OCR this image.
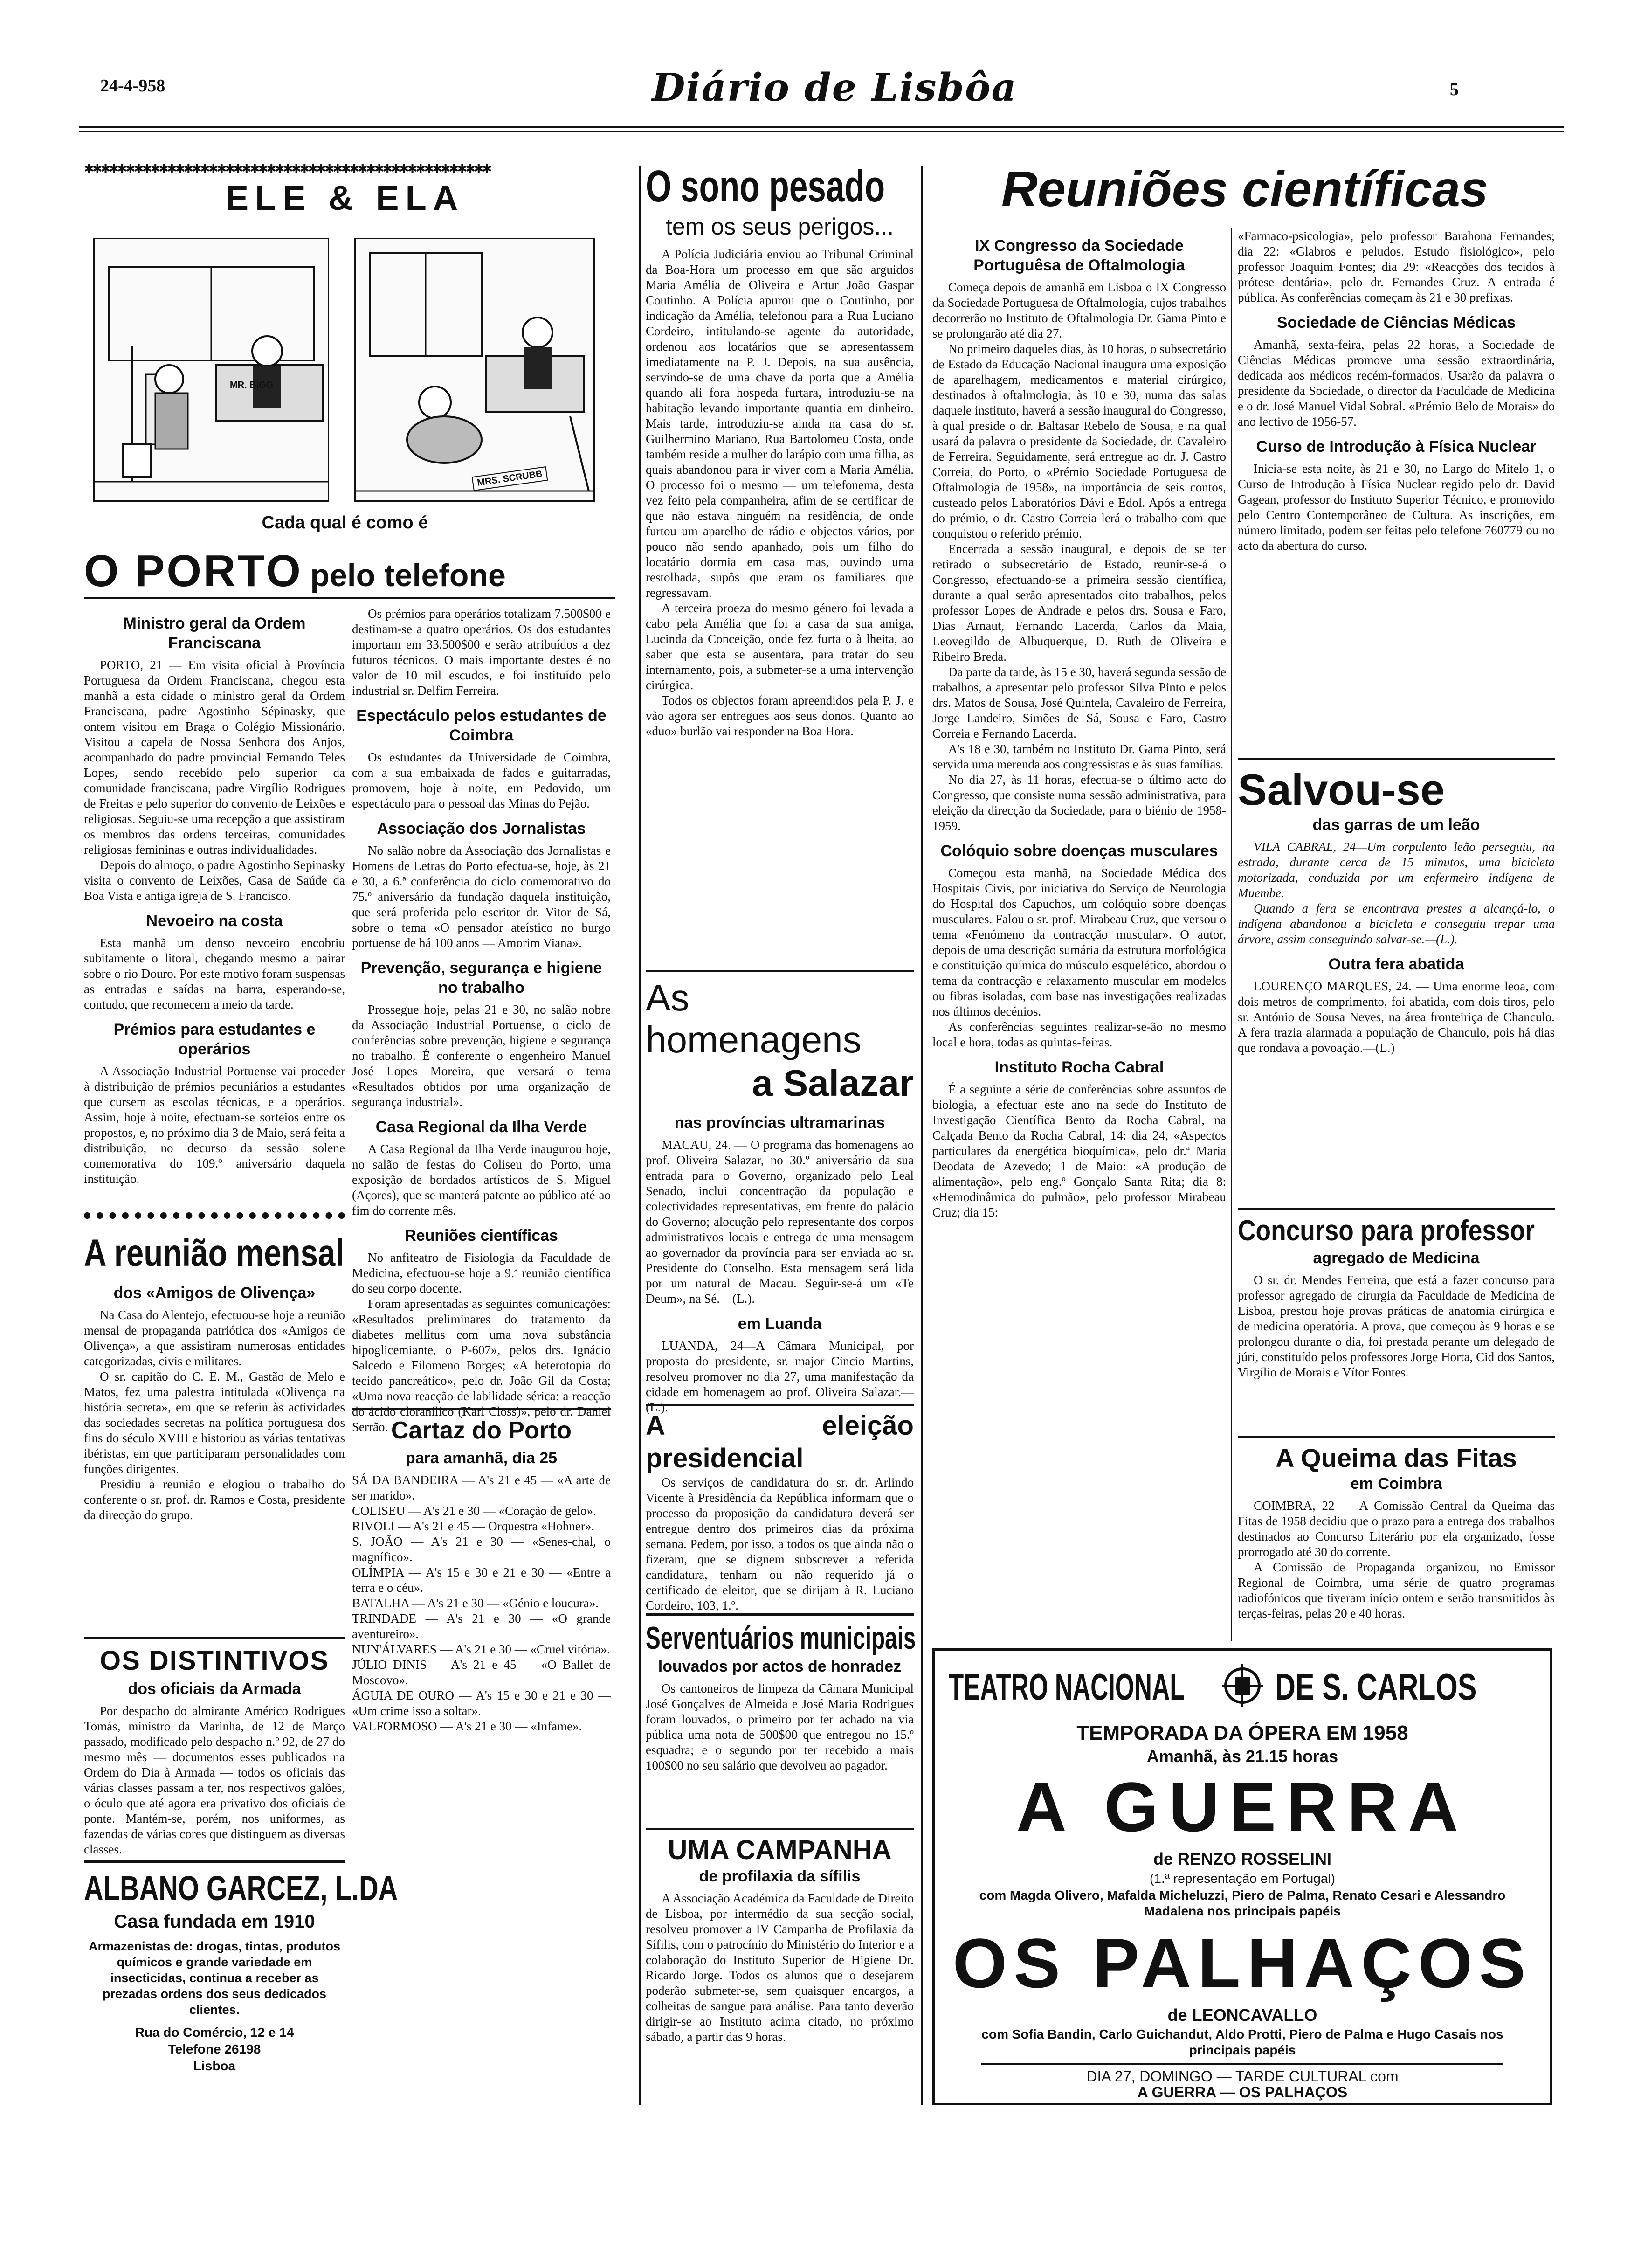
24-4-958	Diário de Lisbôa	5
✱✱✱✱✱✱✱✱✱✱✱✱✱✱✱✱✱✱✱✱✱✱✱✱✱✱✱✱✱✱✱✱✱✱✱✱✱✱✱✱✱✱✱✱✱✱✱✱✱
ELE & ELA
MR. BIGG
MRS. SCRUBB
Cada qual é como é
O PORTO pelo telefone
Ministro geral da Ordem Franciscana

PORTO, 21 — Em visita oficial à Província Portuguesa da Ordem Franciscana, chegou esta manhã a esta cidade o ministro geral da Ordem Franciscana, padre Agostinho Sépinasky, que ontem visitou em Braga o Colégio Missionário. Visitou a capela de Nossa Senhora dos Anjos, acompanhado do padre provincial Fernando Teles Lopes, sendo recebido pelo superior da comunidade franciscana, padre Virgílio Rodrigues de Freitas e pelo superior do convento de Leixões e religiosas. Seguiu-se uma recepção a que assistiram os membros das ordens terceiras, comunidades religiosas femininas e outras individualidades.

Depois do almoço, o padre Agostinho Sepinasky visita o convento de Leixões, Casa de Saúde da Boa Vista e antiga igreja de S. Francisco.

Nevoeiro na costa

Esta manhã um denso nevoeiro encobriu subitamente o litoral, chegando mesmo a pairar sobre o rio Douro. Por este motivo foram suspensas as entradas e saídas na barra, esperando-se, contudo, que recomecem a meio da tarde.

Prémios para estudantes e operários

A Associação Industrial Portuense vai proceder à distribuição de prémios pecuniários a estudantes que cursem as escolas técnicas, e a operários. Assim, hoje à noite, efectuam-se sorteios entre os propostos, e, no próximo dia 3 de Maio, será feita a distribuição, no decurso da sessão solene comemorativa do 109.º aniversário daquela instituição.

Os prémios para operários totalizam 7.500$00 e destinam-se a quatro operários. Os dos estudantes importam em 33.500$00 e serão atribuídos a dez futuros técnicos. O mais importante destes é no valor de 10 mil escudos, e foi instituído pelo industrial sr. Delfim Ferreira.

Espectáculo pelos estudantes de Coimbra

Os estudantes da Universidade de Coimbra, com a sua embaixada de fados e guitarradas, promovem, hoje à noite, em Pedovido, um espectáculo para o pessoal das Minas do Pejão.

Associação dos Jornalistas

No salão nobre da Associação dos Jornalistas e Homens de Letras do Porto efectua-se, hoje, às 21 e 30, a 6.ª conferência do ciclo comemorativo do 75.º aniversário da fundação daquela instituição, que será proferida pelo escritor dr. Vitor de Sá, sobre o tema «O pensador ateístico no burgo portuense de há 100 anos — Amorim Viana».

Prevenção, segurança e higiene no trabalho

Prossegue hoje, pelas 21 e 30, no salão nobre da Associação Industrial Portuense, o ciclo de conferências sobre prevenção, higiene e segurança no trabalho. É conferente o engenheiro Manuel José Lopes Moreira, que versará o tema «Resultados obtidos por uma organização de segurança industrial».

Casa Regional da Ilha Verde

A Casa Regional da Ilha Verde inaugurou hoje, no salão de festas do Coliseu do Porto, uma exposição de bordados artísticos de S. Miguel (Açores), que se manterá patente ao público até ao fim do corrente mês.

Reuniões científicas

No anfiteatro de Fisiologia da Faculdade de Medicina, efectuou-se hoje a 9.ª reunião científica do seu corpo docente.

Foram apresentadas as seguintes comunicações: «Resultados preliminares do tratamento da diabetes mellitus com uma nova substância hipoglicemiante, o P-607», pelos drs. Ignácio Salcedo e Filomeno Borges; «A heterotopia do tecido pancreático», pelo dr. João Gil da Costa; «Uma nova reacção de labilidade sérica: a reacção do ácido cloranílico (Karl Closs)», pelo dr. Daniel Serrão. Cartaz do Porto
para amanhã, dia 25

SÁ DA BANDEIRA — A's 21 e 45 — «A arte de ser marido».

COLISEU — A's 21 e 30 — «Coração de gelo».

RIVOLI — A's 21 e 45 — Orquestra «Hohner».

S. JOÃO — A's 21 e 30 — «Senes-chal, o magnífico».

OLÍMPIA — A's 15 e 30 e 21 e 30 — «Entre a terra e o céu».

BATALHA — A's 21 e 30 — «Génio e loucura».

TRINDADE — A's 21 e 30 — «O grande aventureiro».

NUN'ÁLVARES — A's 21 e 30 — «Cruel vitória».

JÚLIO DINIS — A's 21 e 45 — «O Ballet de Moscovo».

ÁGUIA DE OURO — A's 15 e 30 e 21 e 30 — «Um crime isso a soltar».

VALFORMOSO — A's 21 e 30 — «Infame».

A reunião mensal
dos «Amigos de Olivença»

Na Casa do Alentejo, efectuou-se hoje a reunião mensal de propaganda patriótica dos «Amigos de Olivença», a que assistiram numerosas entidades categorizadas, civis e militares.

O sr. capitão do C. E. M., Gastão de Melo e Matos, fez uma palestra intitulada «Olivença na história secreta», em que se referiu às actividades das sociedades secretas na política portuguesa dos fins do século XVIII e historiou as várias tentativas ibéristas, em que participaram personalidades com funções dirigentes.

Presidiu à reunião e elogiou o trabalho do conferente o sr. prof. dr. Ramos e Costa, presidente da direcção do grupo.

OS DISTINTIVOS
dos oficiais da Armada

Por despacho do almirante Américo Rodrigues Tomás, ministro da Marinha, de 12 de Março passado, modificado pelo despacho n.º 92, de 27 do mesmo mês — documentos esses publicados na Ordem do Dia à Armada — todos os oficiais das várias classes passam a ter, nos respectivos galões, o óculo que até agora era privativo dos oficiais de ponte. Mantém-se, porém, nos uniformes, as fazendas de várias cores que distinguem as diversas classes.

ALBANO GARCEZ, L.DA
Casa fundada em 1910
Armazenistas de: drogas, tintas, produtos químicos e grande variedade em insecticidas, continua a receber as prezadas ordens dos seus dedicados clientes.
Rua do Comércio, 12 e 14
Telefone 26198
Lisboa
O sono pesado
tem os seus perigos...

A Polícia Judiciária enviou ao Tribunal Criminal da Boa-Hora um processo em que são arguidos Maria Amélia de Oliveira e Artur João Gaspar Coutinho. A Polícia apurou que o Coutinho, por indicação da Amélia, telefonou para a Rua Luciano Cordeiro, intitulando-se agente da autoridade, ordenou aos locatários que se apresentassem imediatamente na P. J. Depois, na sua ausência, servindo-se de uma chave da porta que a Amélia quando ali fora hospeda furtara, introduziu-se na habitação levando importante quantia em dinheiro. Mais tarde, introduziu-se ainda na casa do sr. Guilhermino Mariano, Rua Bartolomeu Costa, onde também reside a mulher do larápio com uma filha, as quais abandonou para ir viver com a Maria Amélia. O processo foi o mesmo — um telefonema, desta vez feito pela companheira, afim de se certificar de que não estava ninguém na residência, de onde furtou um aparelho de rádio e objectos vários, por pouco não sendo apanhado, pois um filho do locatário dormia em casa mas, ouvindo uma restolhada, supôs que eram os familiares que regressavam.

A terceira proeza do mesmo género foi levada a cabo pela Amélia que foi a casa da sua amiga, Lucinda da Conceição, onde fez furta o à lheita, ao saber que esta se ausentara, para tratar do seu internamento, pois, a submeter-se a uma intervenção cirúrgica.

Todos os objectos foram apreendidos pela P. J. e vão agora ser entregues aos seus donos. Quanto ao «duo» burlão vai responder na Boa Hora.

As homenagens
a Salazar
nas províncias ultramarinas

MACAU, 24. — O programa das homenagens ao prof. Oliveira Salazar, no 30.º aniversário da sua entrada para o Governo, organizado pelo Leal Senado, inclui concentração da população e colectividades representativas, em frente do palácio do Governo; alocução pelo representante dos corpos administrativos locais e entrega de uma mensagem ao governador da província para ser enviada ao sr. Presidente do Conselho. Esta mensagem será lida por um natural de Macau. Seguir-se-á um «Te Deum», na Sé.—(L.).

em Luanda

LUANDA, 24—A Câmara Municipal, por proposta do presidente, sr. major Cincio Martins, resolveu promover no dia 27, uma manifestação da cidade em homenagem ao prof. Oliveira Salazar.—(L.).

A eleição presidencial

Os serviços de candidatura do sr. dr. Arlindo Vicente à Presidência da República informam que o processo da proposição da candidatura deverá ser entregue dentro dos primeiros dias da próxima semana. Pedem, por isso, a todos os que ainda não o fizeram, que se dignem subscrever a referida candidatura, tenham ou não requerido já o certificado de eleitor, que se dirijam à R. Luciano Cordeiro, 103, 1.º.

Serventuários municipais
louvados por actos de honradez

Os cantoneiros de limpeza da Câmara Municipal José Gonçalves de Almeida e José Maria Rodrigues foram louvados, o primeiro por ter achado na via pública uma nota de 500$00 que entregou no 15.º esquadra; e o segundo por ter recebido a mais 100$00 no seu salário que devolveu ao pagador.

UMA CAMPANHA
de profilaxia da sífilis

A Associação Académica da Faculdade de Direito de Lisboa, por intermédio da sua secção social, resolveu promover a IV Campanha de Profilaxia da Sífilis, com o patrocínio do Ministério do Interior e a colaboração do Instituto Superior de Higiene Dr. Ricardo Jorge. Todos os alunos que o desejarem poderão submeter-se, sem quaisquer encargos, a colheitas de sangue para análise. Para tanto deverão dirigir-se ao Instituto acima citado, no próximo sábado, a partir das 9 horas.

Reuniões científicas
IX Congresso da Sociedade Portuguêsa de Oftalmologia

Começa depois de amanhã em Lisboa o IX Congresso da Sociedade Portuguesa de Oftalmologia, cujos trabalhos decorrerão no Instituto de Oftalmologia Dr. Gama Pinto e se prolongarão até dia 27.

No primeiro daqueles dias, às 10 horas, o subsecretário de Estado da Educação Nacional inaugura uma exposição de aparelhagem, medicamentos e material cirúrgico, destinados à oftalmologia; às 10 e 30, numa das salas daquele instituto, haverá a sessão inaugural do Congresso, à qual preside o dr. Baltasar Rebelo de Sousa, e na qual usará da palavra o presidente da Sociedade, dr. Cavaleiro de Ferreira. Seguidamente, será entregue ao dr. J. Castro Correia, do Porto, o «Prémio Sociedade Portuguesa de Oftalmologia de 1958», na importância de seis contos, custeado pelos Laboratórios Dávi e Edol. Após a entrega do prémio, o dr. Castro Correia lerá o trabalho com que conquistou o referido prémio.

Encerrada a sessão inaugural, e depois de se ter retirado o subsecretário de Estado, reunir-se-á o Congresso, efectuando-se a primeira sessão científica, durante a qual serão apresentados oito trabalhos, pelos professor Lopes de Andrade e pelos drs. Sousa e Faro, Dias Arnaut, Fernando Lacerda, Carlos da Maia, Leovegildo de Albuquerque, D. Ruth de Oliveira e Ribeiro Breda.

Da parte da tarde, às 15 e 30, haverá segunda sessão de trabalhos, a apresentar pelo professor Silva Pinto e pelos drs. Matos de Sousa, José Quintela, Cavaleiro de Ferreira, Jorge Landeiro, Simões de Sá, Sousa e Faro, Castro Correia e Fernando Lacerda.

A's 18 e 30, também no Instituto Dr. Gama Pinto, será servida uma merenda aos congressistas e às suas famílias.

No dia 27, às 11 horas, efectua-se o último acto do Congresso, que consiste numa sessão administrativa, para eleição da direcção da Sociedade, para o biénio de 1958-1959.

Colóquio sobre doenças musculares

Começou esta manhã, na Sociedade Médica dos Hospitais Civis, por iniciativa do Serviço de Neurologia do Hospital dos Capuchos, um colóquio sobre doenças musculares. Falou o sr. prof. Mirabeau Cruz, que versou o tema «Fenómeno da contracção muscular». O autor, depois de uma descrição sumária da estrutura morfológica e constituição química do músculo esquelético, abordou o tema da contracção e relaxamento muscular em modelos ou fibras isoladas, com base nas investigações realizadas nos últimos decénios.

As conferências seguintes realizar-se-ão no mesmo local e hora, todas as quintas-feiras.

Instituto Rocha Cabral

É a seguinte a série de conferências sobre assuntos de biologia, a efectuar este ano na sede do Instituto de Investigação Científica Bento da Rocha Cabral, na Calçada Bento da Rocha Cabral, 14: dia 24, «Aspectos particulares da energética bioquímica», pelo dr.ª Maria Deodata de Azevedo; 1 de Maio: «A produção de alimentação», pelo eng.º Gonçalo Santa Rita; dia 8: «Hemodinâmica do pulmão», pelo professor Mirabeau Cruz; dia 15:

«Farmaco-psicologia», pelo professor Barahona Fernandes; dia 22: «Glabros e peludos. Estudo fisiológico», pelo professor Joaquim Fontes; dia 29: «Reacções dos tecidos à prótese dentária», pelo dr. Fernandes Cruz. A entrada é pública. As conferências começam às 21 e 30 prefixas.

Sociedade de Ciências Médicas

Amanhã, sexta-feira, pelas 22 horas, a Sociedade de Ciências Médicas promove uma sessão extraordinária, dedicada aos médicos recém-formados. Usarão da palavra o presidente da Sociedade, o director da Faculdade de Medicina e o dr. José Manuel Vidal Sobral. «Prémio Belo de Morais» do ano lectivo de 1956-57.

Curso de Introdução à Física Nuclear

Inicia-se esta noite, às 21 e 30, no Largo do Mitelo 1, o Curso de Introdução à Física Nuclear regido pelo dr. David Gagean, professor do Instituto Superior Técnico, e promovido pelo Centro Contemporâneo de Cultura. As inscrições, em número limitado, podem ser feitas pelo telefone 760779 ou no acto da abertura do curso.

Salvou-se
das garras de um leão

VILA CABRAL, 24—Um corpulento leão perseguiu, na estrada, durante cerca de 15 minutos, uma bicicleta motorizada, conduzida por um enfermeiro indígena de Muembe.

Quando a fera se encontrava prestes a alcançá-lo, o indígena abandonou a bicicleta e conseguiu trepar uma árvore, assim conseguindo salvar-se.—(L.).

Outra fera abatida

LOURENÇO MARQUES, 24. — Uma enorme leoa, com dois metros de comprimento, foi abatida, com dois tiros, pelo sr. António de Sousa Neves, na área fronteiriça de Chanculo. A fera trazia alarmada a população de Chanculo, pois há dias que rondava a povoação.—(L.)

Concurso para professor
agregado de Medicina

O sr. dr. Mendes Ferreira, que está a fazer concurso para professor agregado de cirurgia da Faculdade de Medicina de Lisboa, prestou hoje provas práticas de anatomia cirúrgica e de medicina operatória. A prova, que começou às 9 horas e se prolongou durante o dia, foi prestada perante um delegado de júri, constituído pelos professores Jorge Horta, Cid dos Santos, Virgílio de Morais e Vítor Fontes.

A Queima das Fitas
em Coimbra

COIMBRA, 22 — A Comissão Central da Queima das Fitas de 1958 decidiu que o prazo para a entrega dos trabalhos destinados ao Concurso Literário por ela organizado, fosse prorrogado até 30 do corrente.

A Comissão de Propaganda organizou, no Emissor Regional de Coimbra, uma série de quatro programas radiofónicos que tiveram início ontem e serão transmitidos às terças-feiras, pelas 20 e 40 horas.

TEATRO NACIONAL DE S. CARLOS
TEMPORADA DA ÓPERA EM 1958
Amanhã, às 21.15 horas
A GUERRA
de RENZO ROSSELINI
(1.ª representação em Portugal)
com Magda Olivero, Mafalda Micheluzzi, Piero de Palma, Renato Cesari e Alessandro Madalena nos principais papéis
OS PALHAÇOS
de LEONCAVALLO
com Sofia Bandin, Carlo Guichandut, Aldo Protti, Piero de Palma e Hugo Casais nos principais papéis
DIA 27, DOMINGO — TARDE CULTURAL com
A GUERRA — OS PALHAÇOS
